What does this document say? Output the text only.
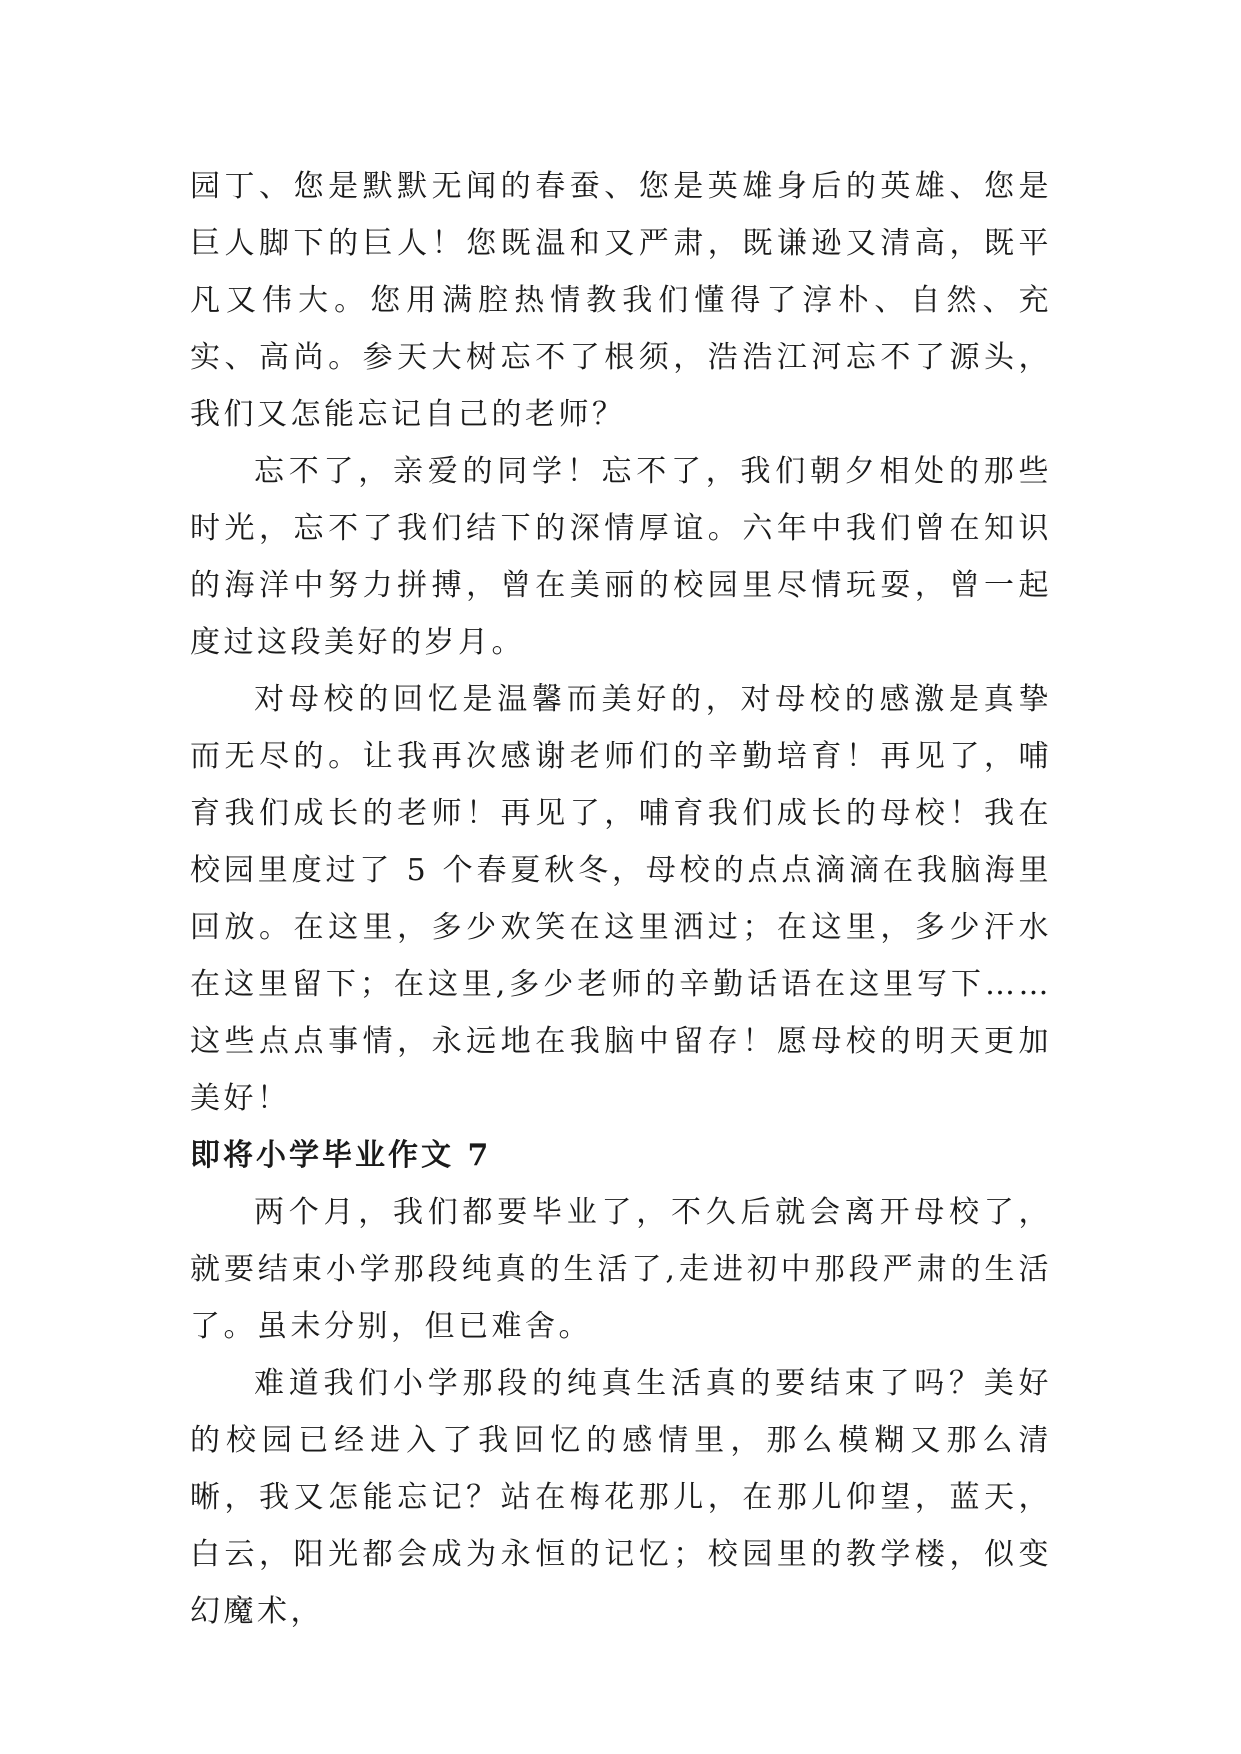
园丁、您是默默无闻的春蚕、您是英雄身后的英雄、您是巨人脚下的巨人！您既温和又严肃，既谦逊又清高，既平凡又伟大。您用满腔热情教我们懂得了淳朴、自然、充实、高尚。参天大树忘不了根须，浩浩江河忘不了源头，我们又怎能忘记自己的老师？

忘不了，亲爱的同学！忘不了，我们朝夕相处的那些时光，忘不了我们结下的深情厚谊。六年中我们曾在知识的海洋中努力拼搏，曾在美丽的校园里尽情玩耍，曾一起度过这段美好的岁月。

对母校的回忆是温馨而美好的，对母校的感激是真挚而无尽的。让我再次感谢老师们的辛勤培育！再见了，哺育我们成长的老师！再见了，哺育我们成长的母校！我在校园里度过了 5 个春夏秋冬，母校的点点滴滴在我脑海里回放。在这里，多少欢笑在这里洒过；在这里，多少汗水在这里留下；在这里,多少老师的辛勤话语在这里写下……这些点点事情，永远地在我脑中留存！愿母校的明天更加美好！

即将小学毕业作文 7

两个月，我们都要毕业了，不久后就会离开母校了，就要结束小学那段纯真的生活了,走进初中那段严肃的生活了。虽未分别，但已难舍。

难道我们小学那段的纯真生活真的要结束了吗？美好的校园已经进入了我回忆的感情里，那么模糊又那么清晰，我又怎能忘记？站在梅花那儿，在那儿仰望，蓝天，白云，阳光都会成为永恒的记忆；校园里的教学楼，似变幻魔术，
